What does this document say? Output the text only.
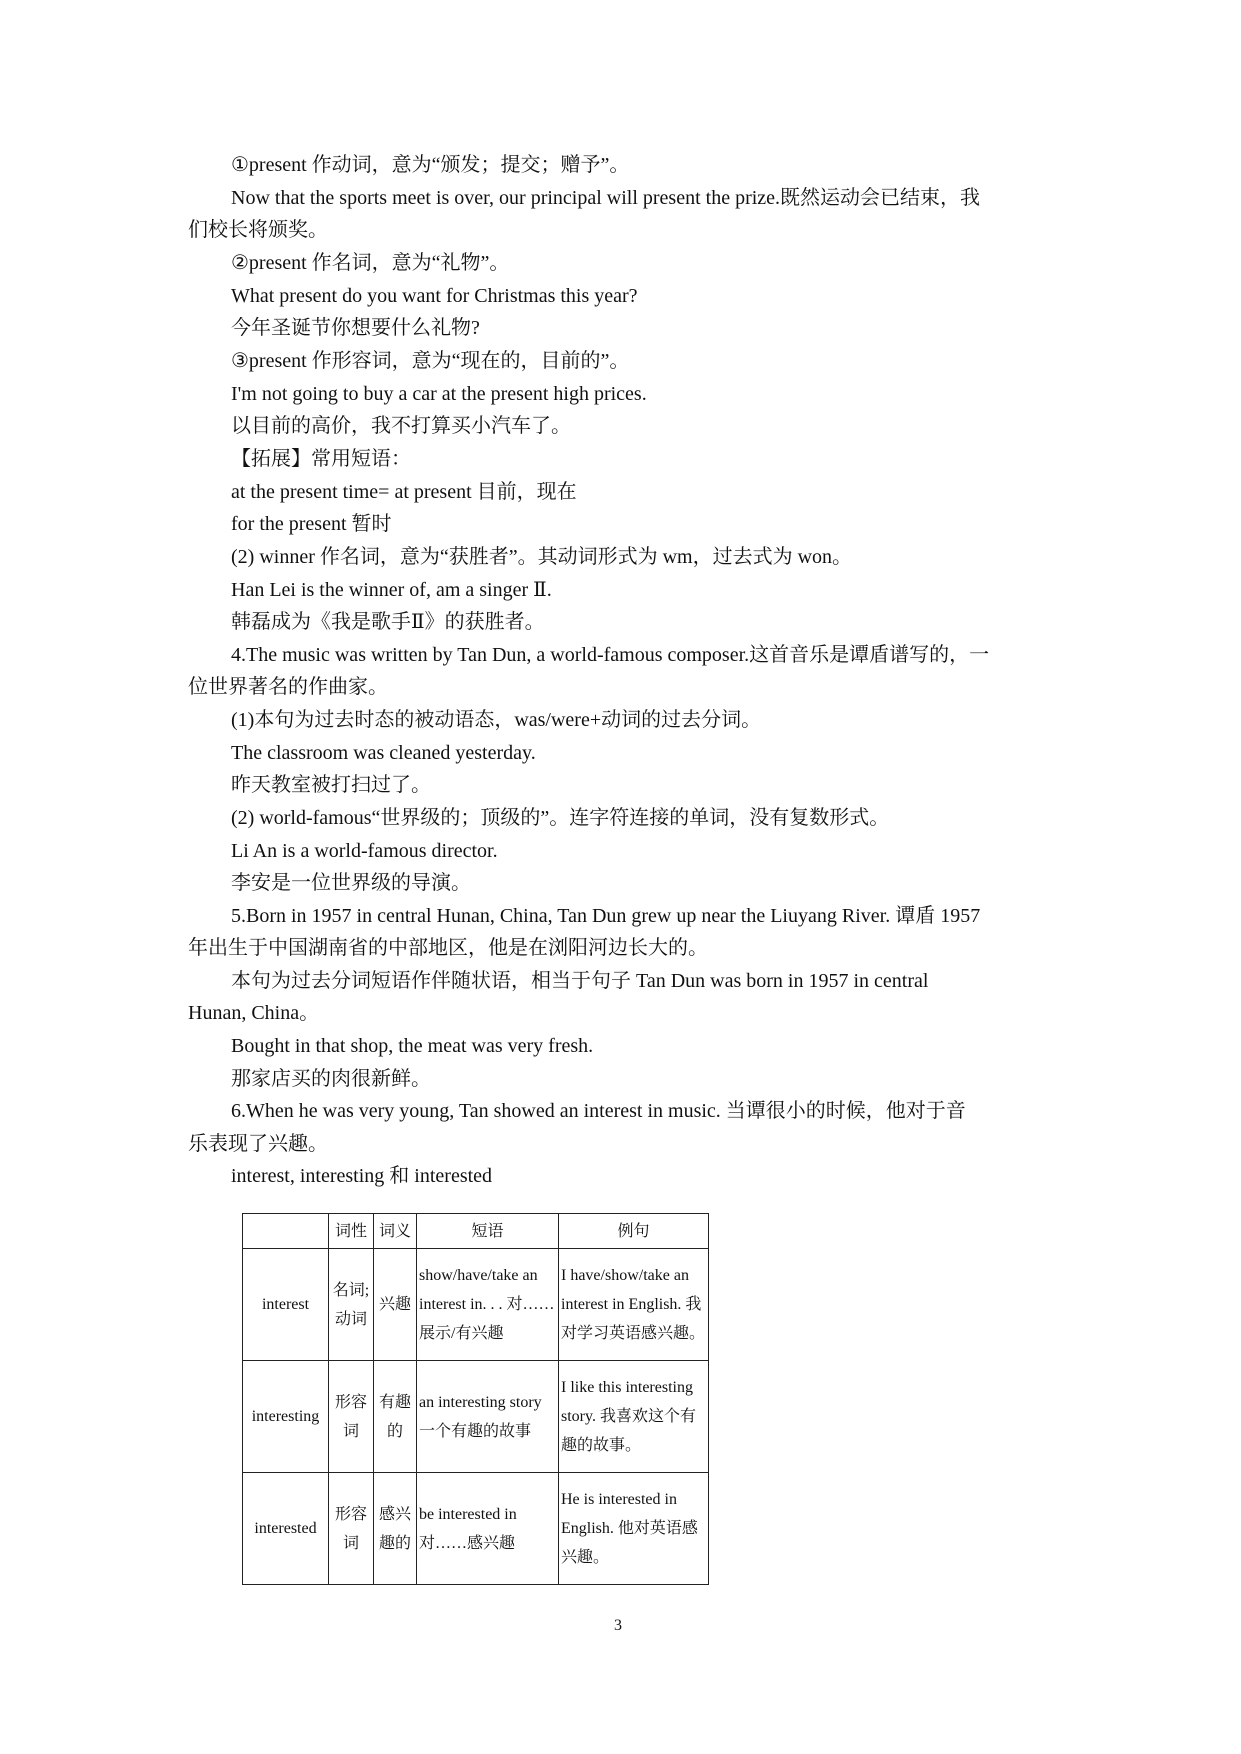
①present 作动词，意为“颁发；提交；赠予”。
Now that the sports meet is over, our principal will present the prize.既然运动会已结束，我
们校长将颁奖。
②present 作名词，意为“礼物”。
What present do you want for Christmas this year?
今年圣诞节你想要什么礼物?
③present 作形容词，意为“现在的，目前的”。
I'm not going to buy a car at the present high prices.
以目前的高价，我不打算买小汽车了。
【拓展】常用短语：
at the present time= at present 目前，现在
for the present 暂时
(2) winner 作名词，意为“获胜者”。其动词形式为 wm，过去式为 won。
Han Lei is the winner of, am a singer Ⅱ.
韩磊成为《我是歌手Ⅱ》的获胜者。
4.The music was written by Tan Dun, a world-famous composer.这首音乐是谭盾谱写的，一
位世界著名的作曲家。
(1)本句为过去时态的被动语态，was/were+动词的过去分词。
The classroom was cleaned yesterday.
昨天教室被打扫过了。
(2) world-famous“世界级的；顶级的”。连字符连接的单词，没有复数形式。
Li An is a world-famous director.
李安是一位世界级的导演。
5.Born in 1957 in central Hunan, China, Tan Dun grew up near the Liuyang River. 谭盾 1957
年出生于中国湖南省的中部地区，他是在浏阳河边长大的。
本句为过去分词短语作伴随状语，相当于句子 Tan Dun was born in 1957 in central
Hunan, China。
Bought in that shop, the meat was very fresh.
那家店买的肉很新鲜。
6.When he was very young, Tan showed an interest in music. 当谭很小的时候，他对于音
乐表现了兴趣。
interest, interesting 和 interested
	词性	词义	短语	例句
interest	名词;动词	兴趣	show/have/take an interest in. . . 对……展示/有兴趣	I have/show/take an interest in English. 我对学习英语感兴趣。
interesting	形容词	有趣的	an interesting story 一个有趣的故事	I like this interesting story. 我喜欢这个有趣的故事。
interested	形容词	感兴趣的	be interested in 对……感兴趣	He is interested in English. 他对英语感兴趣。
3
